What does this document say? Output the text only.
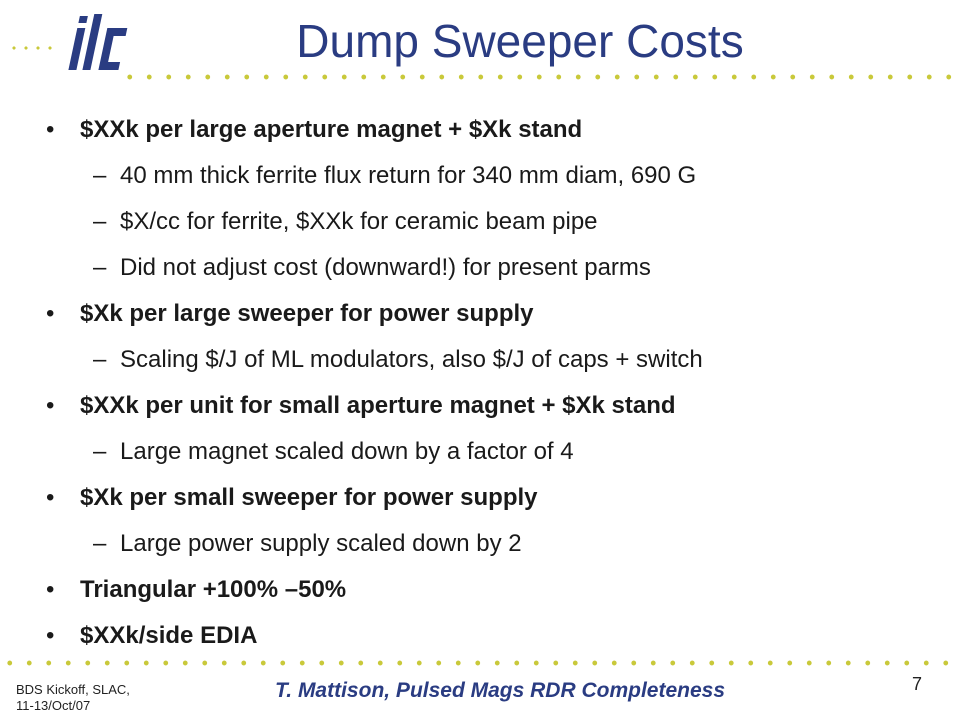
Dump Sweeper Costs
• $XXk per large aperture magnet + $Xk stand
– 40 mm thick ferrite flux return for 340 mm diam, 690 G
– $X/cc for ferrite, $XXk for ceramic beam pipe
– Did not adjust cost (downward!) for present parms
• $Xk per large sweeper for power supply
– Scaling $/J of ML modulators, also $/J of caps + switch
• $XXk per unit for small aperture magnet + $Xk stand
– Large magnet scaled down by a factor of 4
• $Xk per small sweeper for power supply
– Large power supply scaled down by 2
• Triangular +100% –50%
• $XXk/side EDIA
BDS Kickoff, SLAC,
11-13/Oct/07
T. Mattison, Pulsed Mags RDR Completeness	7
